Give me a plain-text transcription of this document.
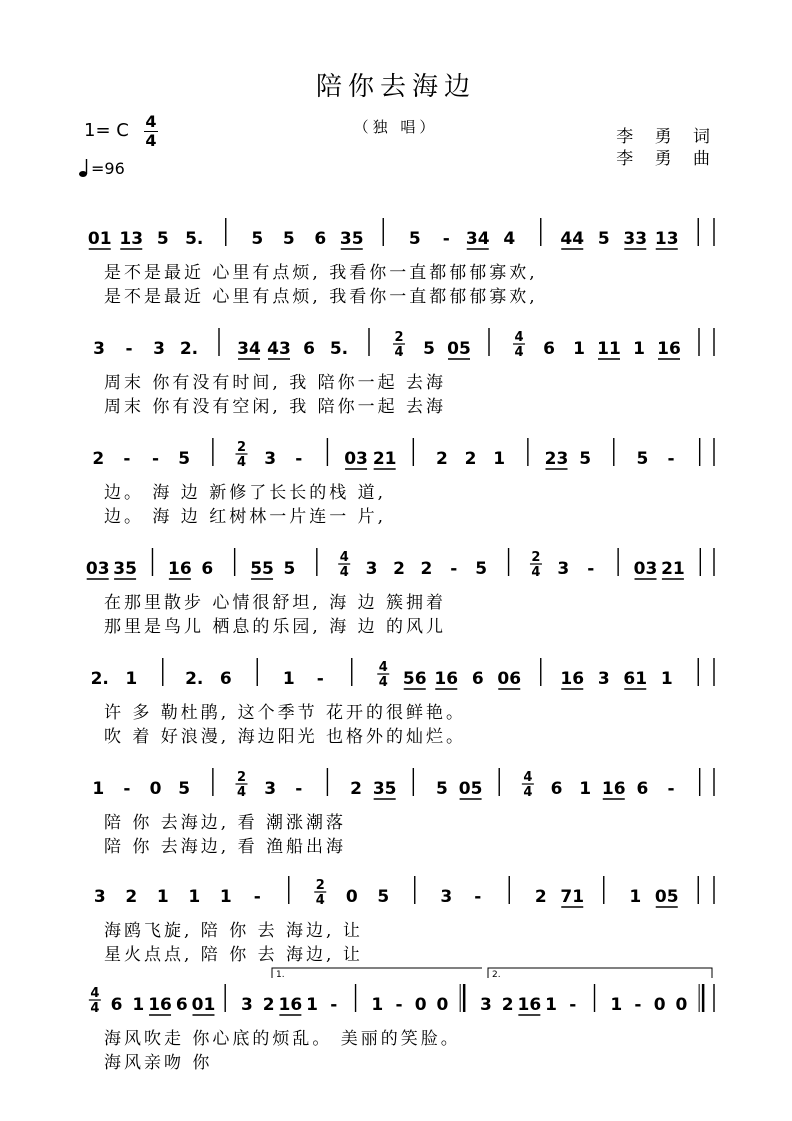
陪你去海边
（独 唱）	李 勇 词
李 勇 曲
1= C 4
4
=96
01 13 5 5.	5 5 6 35	5 - 34 4	44 5 33 13
是不是最近 心里有点烦, 我看你一直都郁郁寡欢,
是不是最近 心里有点烦, 我看你一直都郁郁寡欢,
3 - 3 2. 34 43 6 5.
2
4 5 05
4
4 6 1 11 1 16
周末 你有没有时间, 我 陪你一起 去海
周末 你有没有空闲, 我 陪你一起 去海
2 - - 5
2
4 3 - 03 21 2 2 1 23 5	5 -
边。 海 边 新修了长长的栈 道,
边。 海 边 红树林一片连一 片,
03 35 16 6 55 5
4
4 3 2 2 - 5
2
4 3 - 03 21
在那里散步 心情很舒坦, 海 边 簇拥着
那里是鸟儿 栖息的乐园, 海 边 的风儿
2. 1	2. 6	1 -
4
4 56 16 6 06 16 3 61 1
许 多 勒杜鹃, 这个季节 花开的很鲜艳。
吹 着 好浪漫, 海边阳光 也格外的灿烂。
1 - 0 5
2
4 3 -	2 35 5 05
4
4 6 1 16 6 -
陪 你 去海边, 看 潮涨潮落
陪 你 去海边, 看 渔船出海
3 2 1 1 1 -
2
4 0 5	3 -	2 71	1 05
海鸥飞旋, 陪 你 去 海边, 让
星火点点, 陪 你 去 海边, 让
4
4 6 1 16 6 01 3 2 16 1 - 1 - 0 0 3 2 16 1 - 1 - 0 0
海风吹走 你心底的烦乱。 美丽的笑脸。
海风亲吻 你
1.	2.
